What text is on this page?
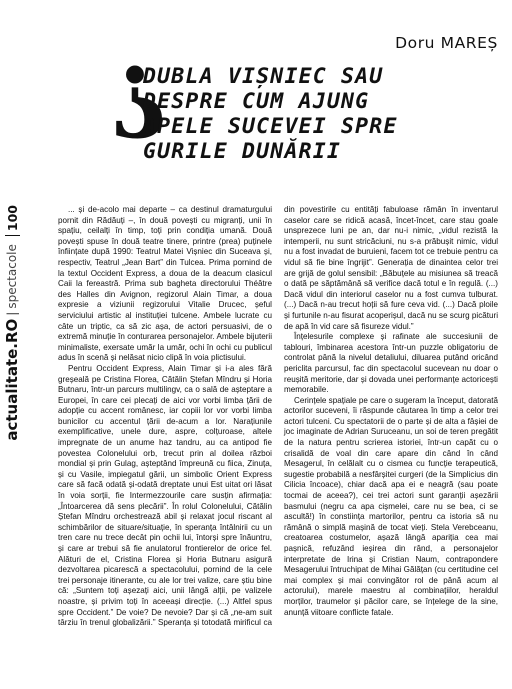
Doru MAREȘ
?
DUBLA VIȘNIEC SAU
DESPRE CUM AJUNG
APELE SUCEVEI SPRE
GURILE DUNĂRII
actualitate.RO
|
spectacole
100	... și de-acolo mai departe – ca destinul dramaturgului pornit din Rădăuți –, în două povești cu migranți, unii în spațiu, ceilalți în timp, toți prin condiția umană. Două povești spuse în două teatre tinere, printre (prea) puținele înființate după 1990: Teatrul Matei Vișniec din Suceava și, respectiv, Teatrul „Jean Bart” din Tulcea. Prima pornind de la textul Occident Express, a doua de la deacum clasicul Caii la fereastră. Prima sub bagheta directorului Théâtre des Halles din Avignon, regizorul Alain Timar, a doua expresie a viziunii regizorului Vitalie Drucec, șeful serviciului artistic al instituției tulcene. Ambele lucrate cu câte un triptic, ca să zic așa, de actori persuasivi, de o extremă minuție în conturarea personajelor. Ambele bijuterii minimaliste, exersate umăr la umăr, ochi în ochi cu publicul adus în scenă și nelăsat nicio clipă în voia plictisului.

Pentru Occident Express, Alain Timar și i-a ales fără greșeală pe Cristina Florea, Cătălin Ștefan Mîndru și Horia Butnaru, într-un parcurs multilingv, ca o sală de așteptare a Europei, în care cei plecați de aici vor vorbi limba țării de adopție cu accent românesc, iar copiii lor vor vorbi limba bunicilor cu accentul țării de-acum a lor. Narațiunile exemplificative, unele dure, aspre, colțuroase, altele impregnate de un anume haz tandru, au ca antipod fie povestea Colonelului orb, trecut prin al doilea război mondial și prin Gulag, așteptând împreună cu fiica, Zinuța, și cu Vasile, impiegatul gării, un simbolic Orient Express care să facă odată și-odată dreptate unui Est uitat ori lăsat în voia sorții, fie Intermezzourile care susțin afirmația: „Întoarcerea dă sens plecării”. În rolul Colonelului, Cătălin Ștefan Mîndru orchestrează abil și relaxat jocul riscant al schimbărilor de situare/situație, în speranța întâlnirii cu un tren care nu trece decât pin ochii lui, întorși spre înăuntru, și care ar trebui să fie anulatorul frontierelor de orice fel. Alături de el, Cristina Florea și Horia Butnaru asigură dezvoltarea picarescă a spectacolului, pornind de la cele trei personaje itinerante, cu ale lor trei valize, care știu bine că: „Suntem toți așezați aici, unii lângă alții, pe valizele noastre, și privim toți în aceeași direcție. (...) Altfel spus spre Occident.” De voie? De nevoie? Dar și că „ne-am suit târziu în trenul globalizării.” Speranța și totodată mirificul ca din povestirile cu entități fabuloase rămân în inventarul caselor care se ridică acasă, încet-încet, care stau goale unsprezece luni pe an, dar nu-i nimic, „vidul rezistă la intemperii, nu sunt stricăciuni, nu s-a prăbușit nimic, vidul nu a fost invadat de buruieni, facem tot ce trebuie pentru ca vidul să fie bine îngrijit”. Generația de dinaintea celor trei are grijă de golul sensibil: „Băbuțele au misiunea să treacă o dată pe săptămână să verifice dacă totul e în regulă. (...) Dacă vidul din interiorul caselor nu a fost cumva tulburat. (...) Dacă n-au trecut hoții să fure ceva vid. (...) Dacă ploile și furtunile n-au fisurat acoperișul, dacă nu se scurg picături de apă în vid care să fisureze vidul.”

Înțelesurile complexe și rafinate ale succesiunii de tablouri, îmbinarea acestora într-un puzzle obligatoriu de controlat până la nivelul detaliului, diluarea putând oricând periclita parcursul, fac din spectacolul sucevean nu doar o reușită meritorie, dar și dovada unei performanțe actoricești memorabile.

Cerințele spațiale pe care o sugeram la început, datorată actorilor suceveni, îi răspunde căutarea în timp a celor trei actori tulceni. Cu spectatorii de o parte și de alta a fâșiei de joc imaginate de Adrian Suruceanu, un soi de teren pregătit de la natura pentru scrierea istoriei, într-un capăt cu o crisalidă de voal din care apare din când în când Mesagerul, în celălalt cu o cismea cu funcție terapeutică, sugestie probabilă a nesfârșitei curgeri (de la Simplicius din Cilicia încoace), chiar dacă apa ei e neagră (sau poate tocmai de aceea?), cei trei actori sunt garanții așezării basmului (negru ca apa cișmelei, care nu se bea, ci se ascultă!) în constiința martorilor, pentru ca istoria să nu rămână o simplă mașină de tocat vieți. Stela Verebceanu, creatoarea costumelor, așază lângă apariția cea mai pașnică, refuzând ieșirea din rând, a personajelor interpretate de Irina și Cristian Naum, contrapondere Mesagerului întruchipat de Mihai Gălățan (cu certitudine cel mai complex și mai convingător rol de până acum al actorului), marele maestru al combinațiilor, heraldul morților, traumelor și păcilor care, se înțelege de la sine, anunță viitoare conflicte fatale.
